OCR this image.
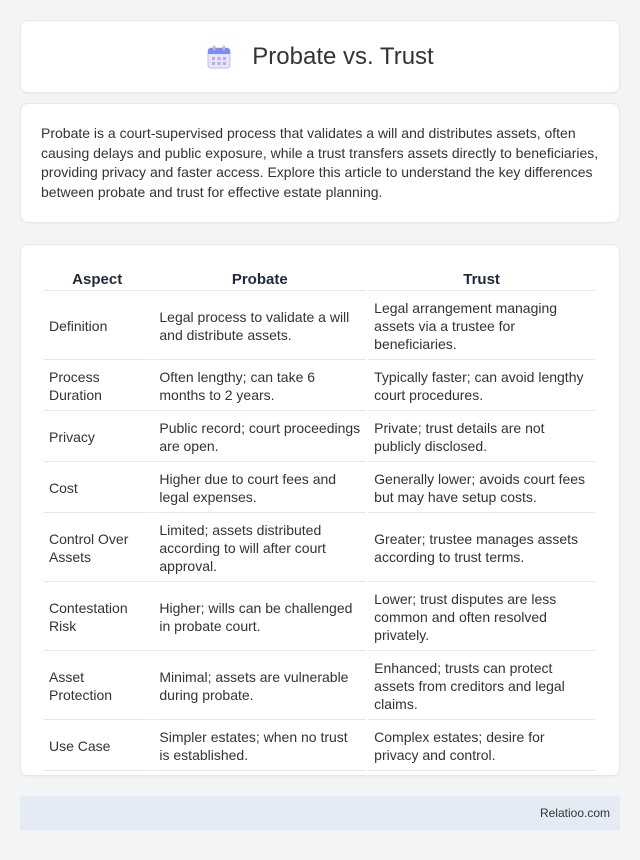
Probate vs. Trust

Probate is a court-supervised process that validates a will and distributes assets, often causing delays and public exposure, while a trust transfers assets directly to beneficiaries, providing privacy and faster access. Explore this article to understand the key differences between probate and trust for effective estate planning.

Aspect	Probate	Trust
Definition	Legal process to validate a will and distribute assets.	Legal arrangement managing assets via a trustee for beneficiaries.
Process Duration	Often lengthy; can take 6 months to 2 years.	Typically faster; can avoid lengthy court procedures.
Privacy	Public record; court proceedings are open.	Private; trust details are not publicly disclosed.
Cost	Higher due to court fees and legal expenses.	Generally lower; avoids court fees but may have setup costs.
Control Over Assets	Limited; assets distributed according to will after court approval.	Greater; trustee manages assets according to trust terms.
Contestation Risk	Higher; wills can be challenged in probate court.	Lower; trust disputes are less common and often resolved privately.
Asset Protection	Minimal; assets are vulnerable during probate.	Enhanced; trusts can protect assets from creditors and legal claims.
Use Case	Simpler estates; when no trust is established.	Complex estates; desire for privacy and control.
Relatioo.com
